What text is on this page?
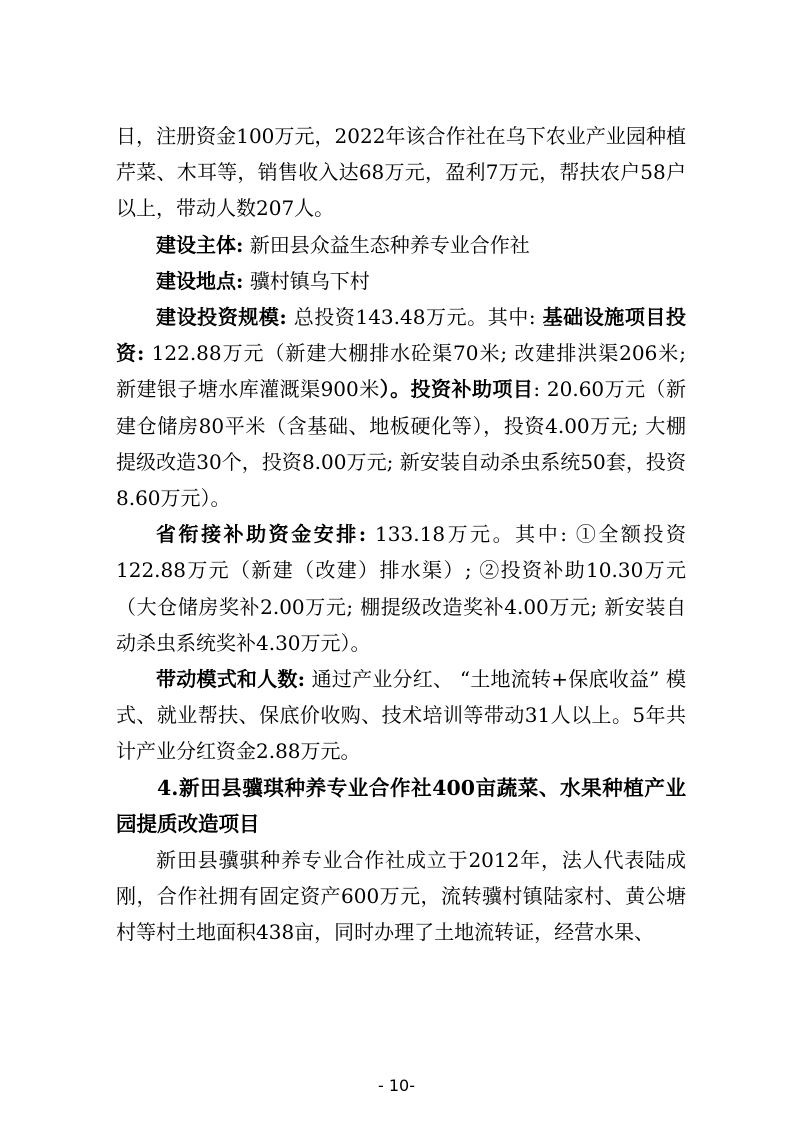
日，注册资金100万元，2022年该合作社在乌下农业产业园种植芹菜、木耳等，销售收入达68万元，盈利7万元，帮扶农户58户以上，带动人数207人。

建设主体: 新田县众益生态种养专业合作社

建设地点: 骥村镇乌下村

建设投资规模: 总投资143.48万元。其中: 基础设施项目投资: 122.88万元（新建大棚排水砼渠70米; 改建排洪渠206米; 新建银子塘水库灌溉渠900米）。投资补助项目: 20.60万元（新建仓储房80平米（含基础、地板硬化等），投资4.00万元; 大棚提级改造30个，投资8.00万元; 新安装自动杀虫系统50套，投资8.60万元）。

省衔接补助资金安排: 133.18万元。其中: ①全额投资122.88万元（新建（改建）排水渠）; ②投资补助10.30万元（大仓储房奖补2.00万元; 棚提级改造奖补4.00万元; 新安装自动杀虫系统奖补4.30万元）。

带动模式和人数: 通过产业分红、 “土地流转+保底收益” 模式、就业帮扶、保底价收购、技术培训等带动31人以上。5年共计产业分红资金2.88万元。

4.新田县骥琪种养专业合作社400亩蔬菜、水果种植产业园提质改造项目

新田县骥骐种养专业合作社成立于2012年，法人代表陆成刚，合作社拥有固定资产600万元，流转骥村镇陆家村、黄公塘村等村土地面积438亩，同时办理了土地流转证，经营水果、

- 10-
